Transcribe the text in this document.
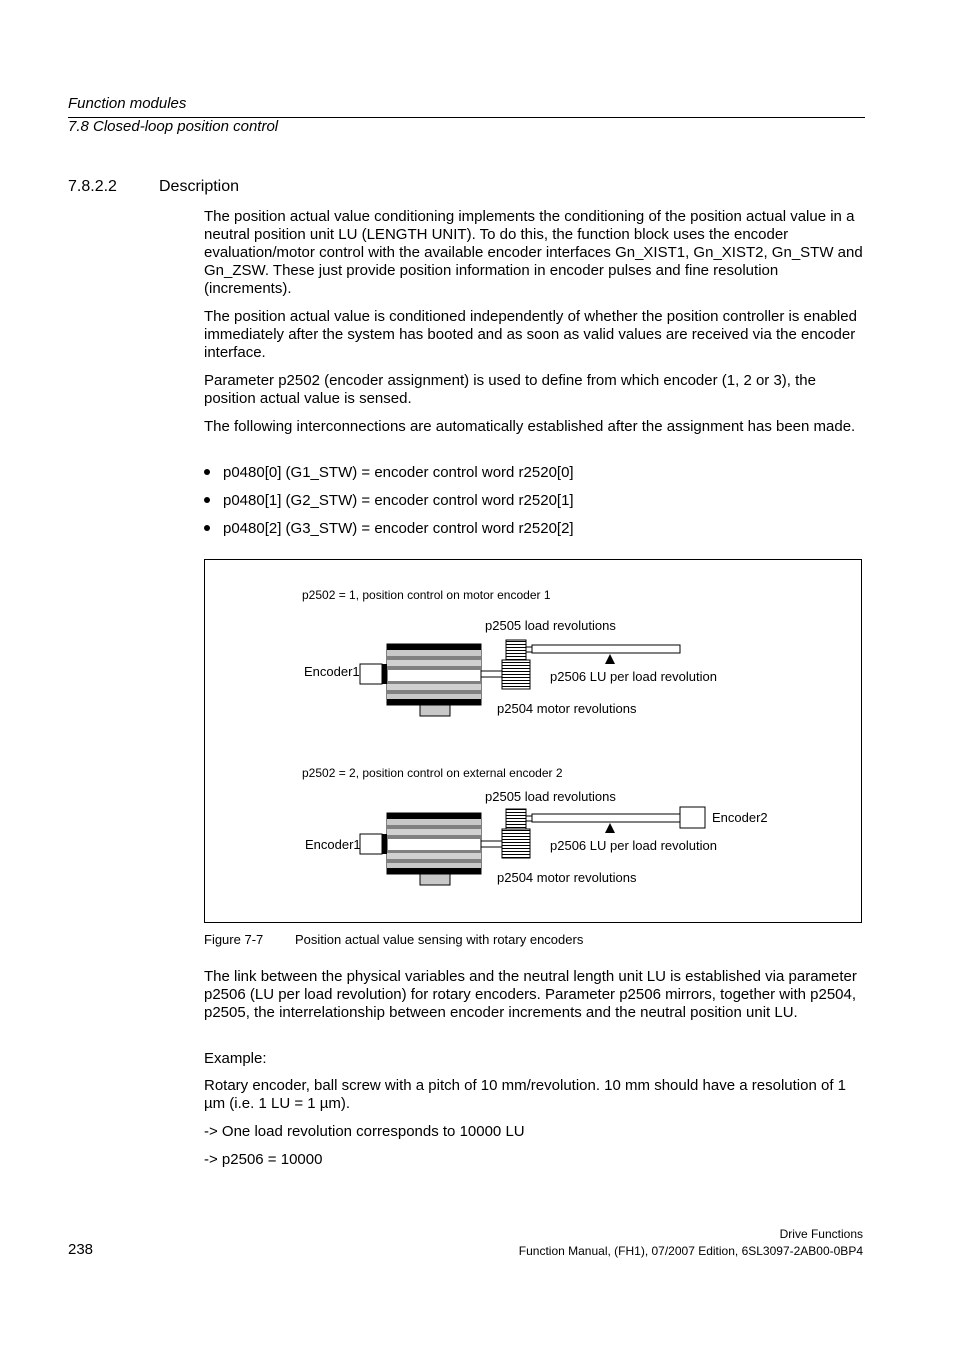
Function modules
7.8 Closed-loop position control
7.8.2.2	Description
The position actual value conditioning implements the conditioning of the position actual value in a neutral position unit LU (LENGTH UNIT). To do this, the function block uses the encoder evaluation/motor control with the available encoder interfaces Gn_XIST1, Gn_XIST2, Gn_STW and Gn_ZSW. These just provide position information in encoder pulses and fine resolution (increments).
The position actual value is conditioned independently of whether the position controller is enabled immediately after the system has booted and as soon as valid values are received via the encoder interface.
Parameter p2502 (encoder assignment) is used to define from which encoder (1, 2 or 3), the position actual value is sensed.
The following interconnections are automatically established after the assignment has been made.
p0480[0] (G1_STW) = encoder control word r2520[0]
p0480[1] (G2_STW) = encoder control word r2520[1]
p0480[2] (G3_STW) = encoder control word r2520[2]
p2502 = 1, position control on motor encoder 1
p2505 load revolutions
Encoder1	p2506 LU per load revolution
p2504 motor revolutions
p2502 = 2, position control on external encoder 2
p2505 load revolutions
Encoder1
Encoder2
p2506 LU per load revolution
p2504 motor revolutions
Figure 7-7 Position actual value sensing with rotary encoders
The link between the physical variables and the neutral length unit LU is established via parameter p2506 (LU per load revolution) for rotary encoders. Parameter p2506 mirrors, together with p2504, p2505, the interrelationship between encoder increments and the neutral position unit LU.
Example:
Rotary encoder, ball screw with a pitch of 10 mm/revolution. 10 mm should have a resolution of 1 µm (i.e. 1 LU = 1 µm).
-> One load revolution corresponds to 10000 LU
-> p2506 = 10000
238
Drive Functions
Function Manual, (FH1), 07/2007 Edition, 6SL3097-2AB00-0BP4
